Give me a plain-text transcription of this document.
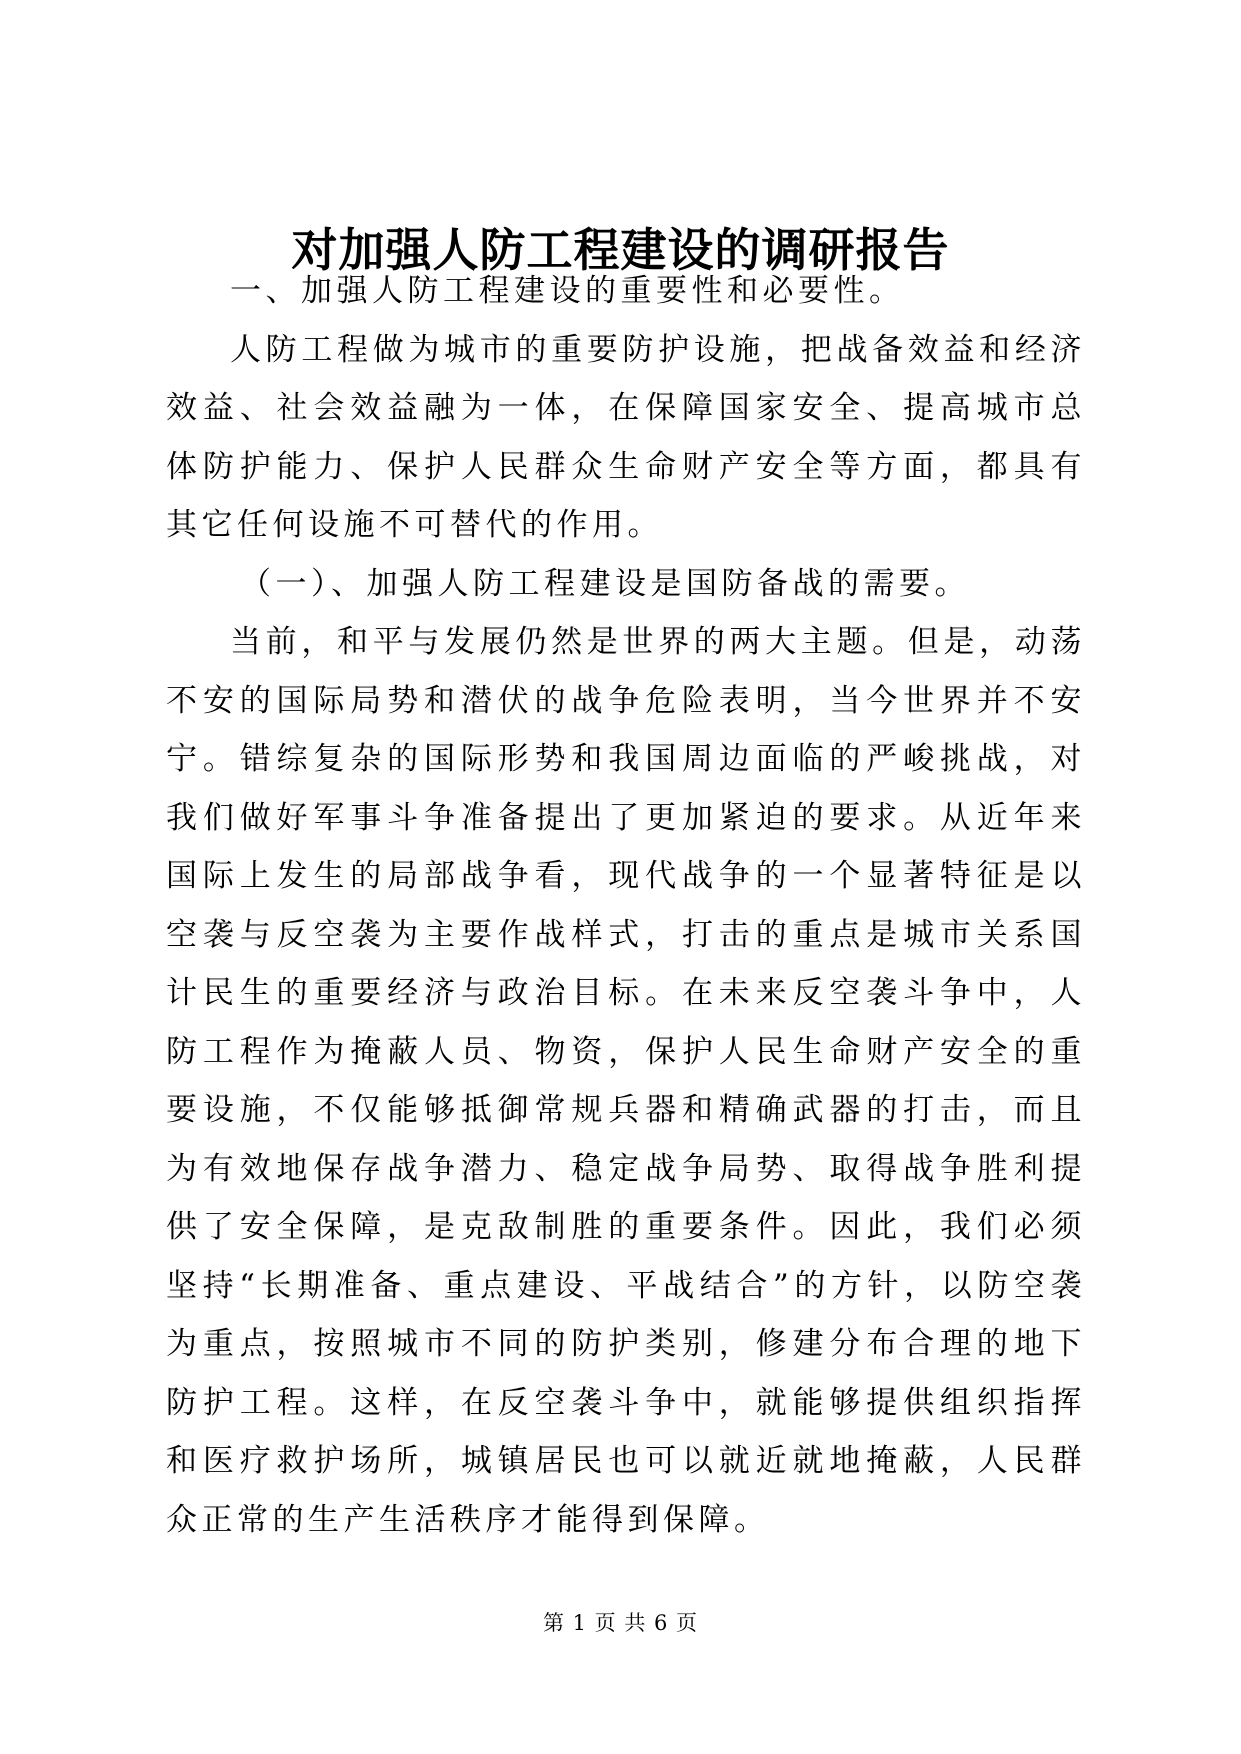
对加强人防工程建设的调研报告

一、加强人防工程建设的重要性和必要性。

人防工程做为城市的重要防护设施，把战备效益和经济效益、社会效益融为一体，在保障国家安全、提高城市总体防护能力、保护人民群众生命财产安全等方面，都具有其它任何设施不可替代的作用。

（一）、加强人防工程建设是国防备战的需要。

当前，和平与发展仍然是世界的两大主题。但是，动荡不安的国际局势和潜伏的战争危险表明，当今世界并不安宁。错综复杂的国际形势和我国周边面临的严峻挑战，对我们做好军事斗争准备提出了更加紧迫的要求。从近年来国际上发生的局部战争看，现代战争的一个显著特征是以空袭与反空袭为主要作战样式，打击的重点是城市关系国计民生的重要经济与政治目标。在未来反空袭斗争中，人防工程作为掩蔽人员、物资，保护人民生命财产安全的重要设施，不仅能够抵御常规兵器和精确武器的打击，而且为有效地保存战争潜力、稳定战争局势、取得战争胜利提供了安全保障，是克敌制胜的重要条件。因此，我们必须坚持“长期准备、重点建设、平战结合”的方针，以防空袭为重点，按照城市不同的防护类别，修建分布合理的地下防护工程。这样，在反空袭斗争中，就能够提供组织指挥和医疗救护场所，城镇居民也可以就近就地掩蔽，人民群众正常的生产生活秩序才能得到保障。

第 1 页 共 6 页
